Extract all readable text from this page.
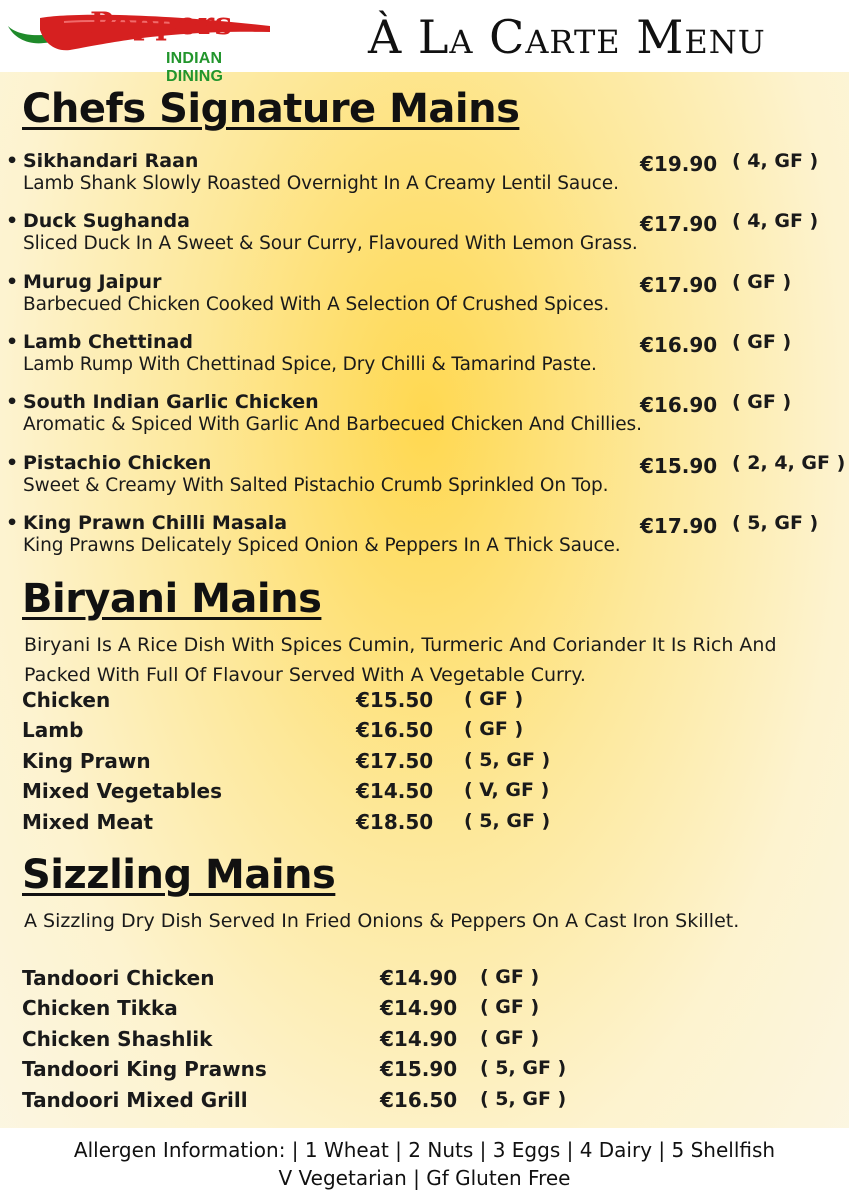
Peppers
INDIAN DINING
À La Carte Menu
Chefs Signature Mains
• Sikhandari Raan	€19.90 ( 4, GF )
Lamb Shank Slowly Roasted Overnight In A Creamy Lentil Sauce.
• Duck Sughanda	€17.90 ( 4, GF )
Sliced Duck In A Sweet & Sour Curry, Flavoured With Lemon Grass.
• Murug Jaipur	€17.90 ( GF )
Barbecued Chicken Cooked With A Selection Of Crushed Spices.
• Lamb Chettinad	€16.90 ( GF )
Lamb Rump With Chettinad Spice, Dry Chilli & Tamarind Paste.
• South Indian Garlic Chicken	€16.90 ( GF )
Aromatic & Spiced With Garlic And Barbecued Chicken And Chillies.
• Pistachio Chicken	€15.90 ( 2, 4, GF )
Sweet & Creamy With Salted Pistachio Crumb Sprinkled On Top.
• King Prawn Chilli Masala	€17.90 ( 5, GF )
King Prawns Delicately Spiced Onion & Peppers In A Thick Sauce.
Biryani Mains
Biryani Is A Rice Dish With Spices Cumin, Turmeric And Coriander It Is Rich And Packed With Full Of Flavour Served With A Vegetable Curry.
Chicken	€15.50 ( GF )
Lamb	€16.50 ( GF )
King Prawn	€17.50 ( 5, GF )
Mixed Vegetables	€14.50 ( V, GF )
Mixed Meat	€18.50 ( 5, GF )
Sizzling Mains
A Sizzling Dry Dish Served In Fried Onions & Peppers On A Cast Iron Skillet.
Tandoori Chicken	€14.90 ( GF )
Chicken Tikka	€14.90 ( GF )
Chicken Shashlik	€14.90 ( GF )
Tandoori King Prawns	€15.90 ( 5, GF )
Tandoori Mixed Grill	€16.50 ( 5, GF )
Allergen Information: | 1 Wheat | 2 Nuts | 3 Eggs | 4 Dairy | 5 Shellfish
V Vegetarian | Gf Gluten Free
